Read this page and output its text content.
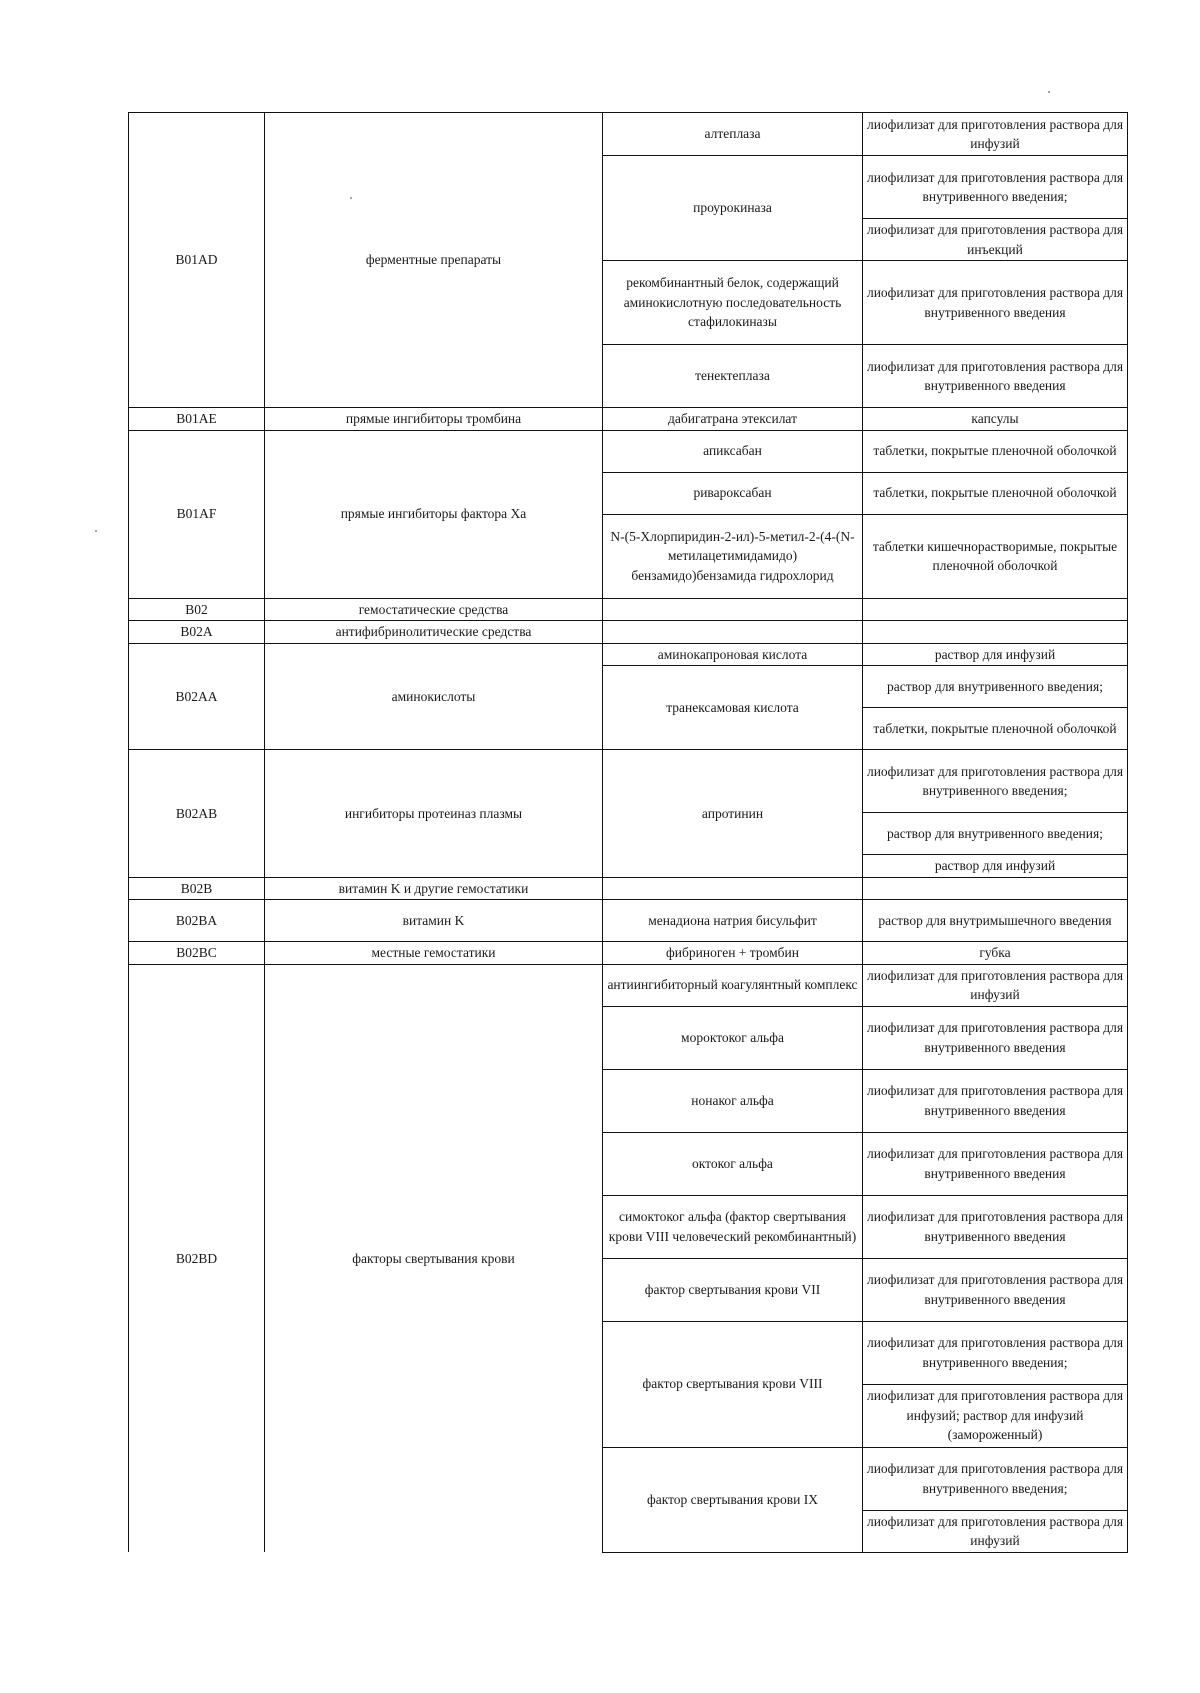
B01AD	ферментные препараты	алтеплаза	лиофилизат для приготовления раствора для инфузий
		проурокиназа	лиофилизат для приготовления раствора для внутривенного введения;
			лиофилизат для приготовления раствора для инъекций
		рекомбинантный белок, содержащий аминокислотную последовательность стафилокиназы	лиофилизат для приготовления раствора для внутривенного введения
		тенектеплаза	лиофилизат для приготовления раствора для внутривенного введения
B01AE	прямые ингибиторы тромбина	дабигатрана этексилат	капсулы
B01AF	прямые ингибиторы фактора Xa	апиксабан	таблетки, покрытые пленочной оболочкой
		ривароксабан	таблетки, покрытые пленочной оболочкой
		N-(5-Хлорпиридин-2-ил)-5-метил-2-(4-(N-метилацетимидамидо) бензамидо)бензамида гидрохлорид	таблетки кишечнорастворимые, покрытые пленочной оболочкой
B02	гемостатические средства		
B02A	антифибринолитические средства		
B02AA	аминокислоты	аминокапроновая кислота	раствор для инфузий
		транексамовая кислота	раствор для внутривенного введения;
			таблетки, покрытые пленочной оболочкой
B02AB	ингибиторы протеиназ плазмы	апротинин	лиофилизат для приготовления раствора для внутривенного введения;
			раствор для внутривенного введения;
			раствор для инфузий
B02B	витамин K и другие гемостатики		
B02BA	витамин K	менадиона натрия бисульфит	раствор для внутримышечного введения
B02BC	местные гемостатики	фибриноген + тромбин	губка
B02BD	факторы свертывания крови	антиингибиторный коагулянтный комплекс	лиофилизат для приготовления раствора для инфузий
		мороктоког альфа	лиофилизат для приготовления раствора для внутривенного введения
		нонаког альфа	лиофилизат для приготовления раствора для внутривенного введения
		октоког альфа	лиофилизат для приготовления раствора для внутривенного введения
		симоктоког альфа (фактор свертывания крови VIII человеческий рекомбинантный)	лиофилизат для приготовления раствора для внутривенного введения
		фактор свертывания крови VII	лиофилизат для приготовления раствора для внутривенного введения
		фактор свертывания крови VIII	лиофилизат для приготовления раствора для внутривенного введения;
			лиофилизат для приготовления раствора для инфузий; раствор для инфузий (замороженный)
		фактор свертывания крови IX	лиофилизат для приготовления раствора для внутривенного введения;
			лиофилизат для приготовления раствора для инфузий
